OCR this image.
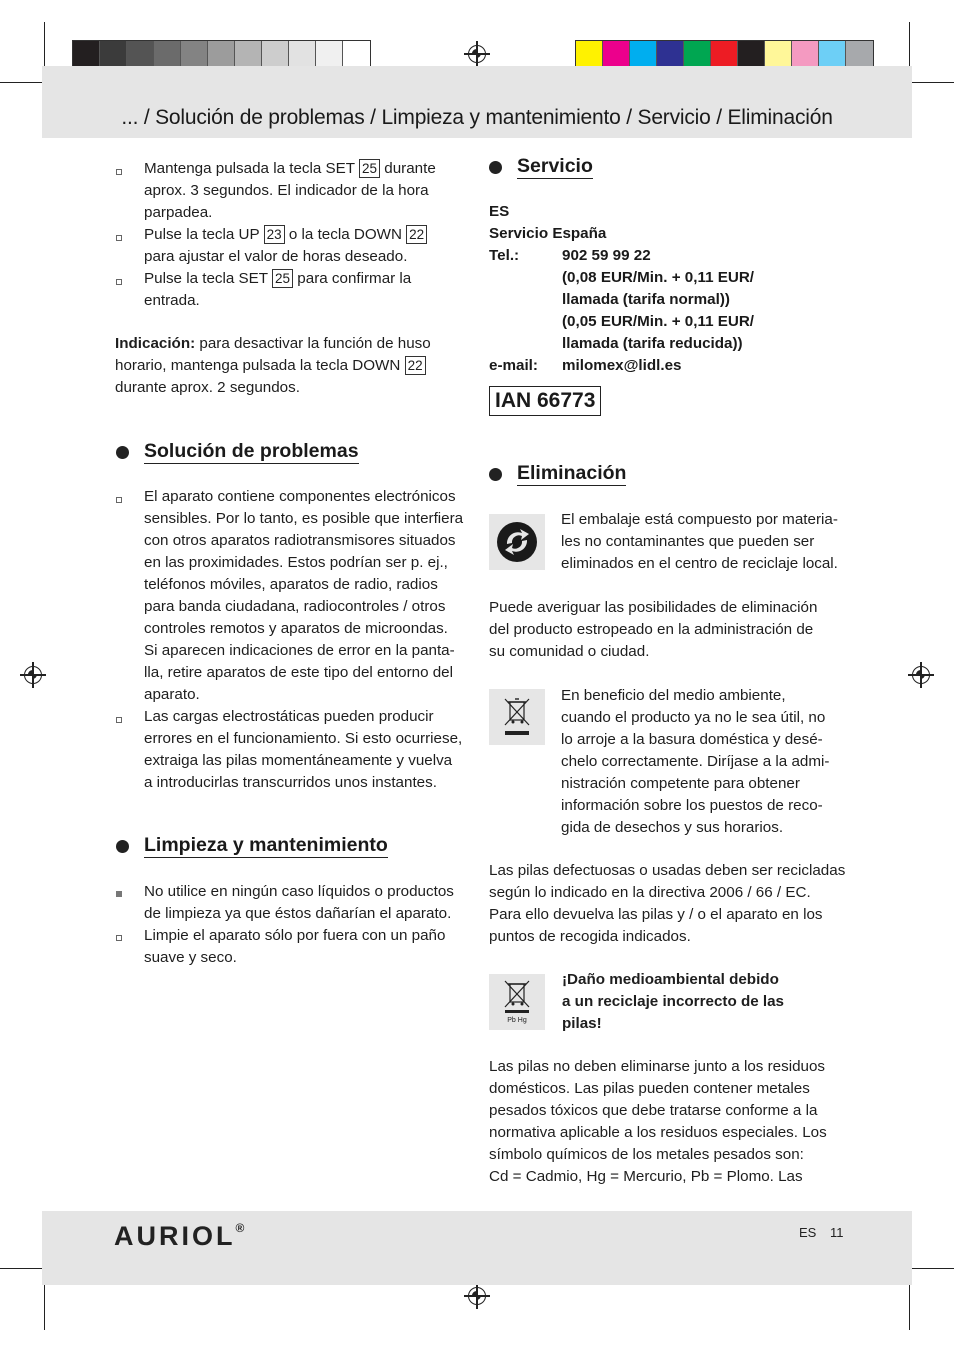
... / Solución de problemas / Limpieza y mantenimiento / Servicio / Eliminación
Mantenga pulsada la tecla SET 25 durante
aprox. 3 segundos. El indicador de la hora
parpadea.
Pulse la tecla UP 23 o la tecla DOWN 22
para ajustar el valor de horas deseado.
Pulse la tecla SET 25 para confirmar la
entrada.
Indicación: para desactivar la función de huso
horario, mantenga pulsada la tecla DOWN 22
durante aprox. 2 segundos.
Solución de problemas
El aparato contiene componentes electrónicos
sensibles. Por lo tanto, es posible que interfiera
con otros aparatos radiotransmisores situados
en las proximidades. Estos podrían ser p. ej.,
teléfonos móviles, aparatos de radio, radios
para banda ciudadana, radiocontroles / otros
controles remotos y aparatos de microondas.
Si aparecen indicaciones de error en la panta-
lla, retire aparatos de este tipo del entorno del
aparato.
Las cargas electrostáticas pueden producir
errores en el funcionamiento. Si esto ocurriese,
extraiga las pilas momentáneamente y vuelva
a introducirlas transcurridos unos instantes.
Limpieza y mantenimiento
No utilice en ningún caso líquidos o productos
de limpieza ya que éstos dañarían el aparato.
Limpie el aparato sólo por fuera con un paño
suave y seco.
Servicio
ES
Servicio España
Tel.:	902 59 99 22
(0,08 EUR/Min. + 0,11 EUR/
llamada (tarifa normal))
(0,05 EUR/Min. + 0,11 EUR/
llamada (tarifa reducida))
e-mail: milomex@lidl.es
IAN 66773
Eliminación
El embalaje está compuesto por materia-
les no contaminantes que pueden ser
eliminados en el centro de reciclaje local.
Puede averiguar las posibilidades de eliminación
del producto estropeado en la administración de
su comunidad o ciudad.
En beneficio del medio ambiente,
cuando el producto ya no le sea útil, no
lo arroje a la basura doméstica y desé-
chelo correctamente. Diríjase a la admi-
nistración competente para obtener
información sobre los puestos de reco-
gida de desechos y sus horarios.
Las pilas defectuosas o usadas deben ser recicladas
según lo indicado en la directiva 2006 / 66 / EC.
Para ello devuelva las pilas y / o el aparato en los
puntos de recogida indicados.
Pb Hg
¡Daño medioambiental debido
a un reciclaje incorrecto de las
pilas!
Las pilas no deben eliminarse junto a los residuos
domésticos. Las pilas pueden contener metales
pesados tóxicos que debe tratarse conforme a la
normativa aplicable a los residuos especiales. Los
símbolo químicos de los metales pesados son:
Cd = Cadmio, Hg = Mercurio, Pb = Plomo. Las
AURIOL®	ES 11
